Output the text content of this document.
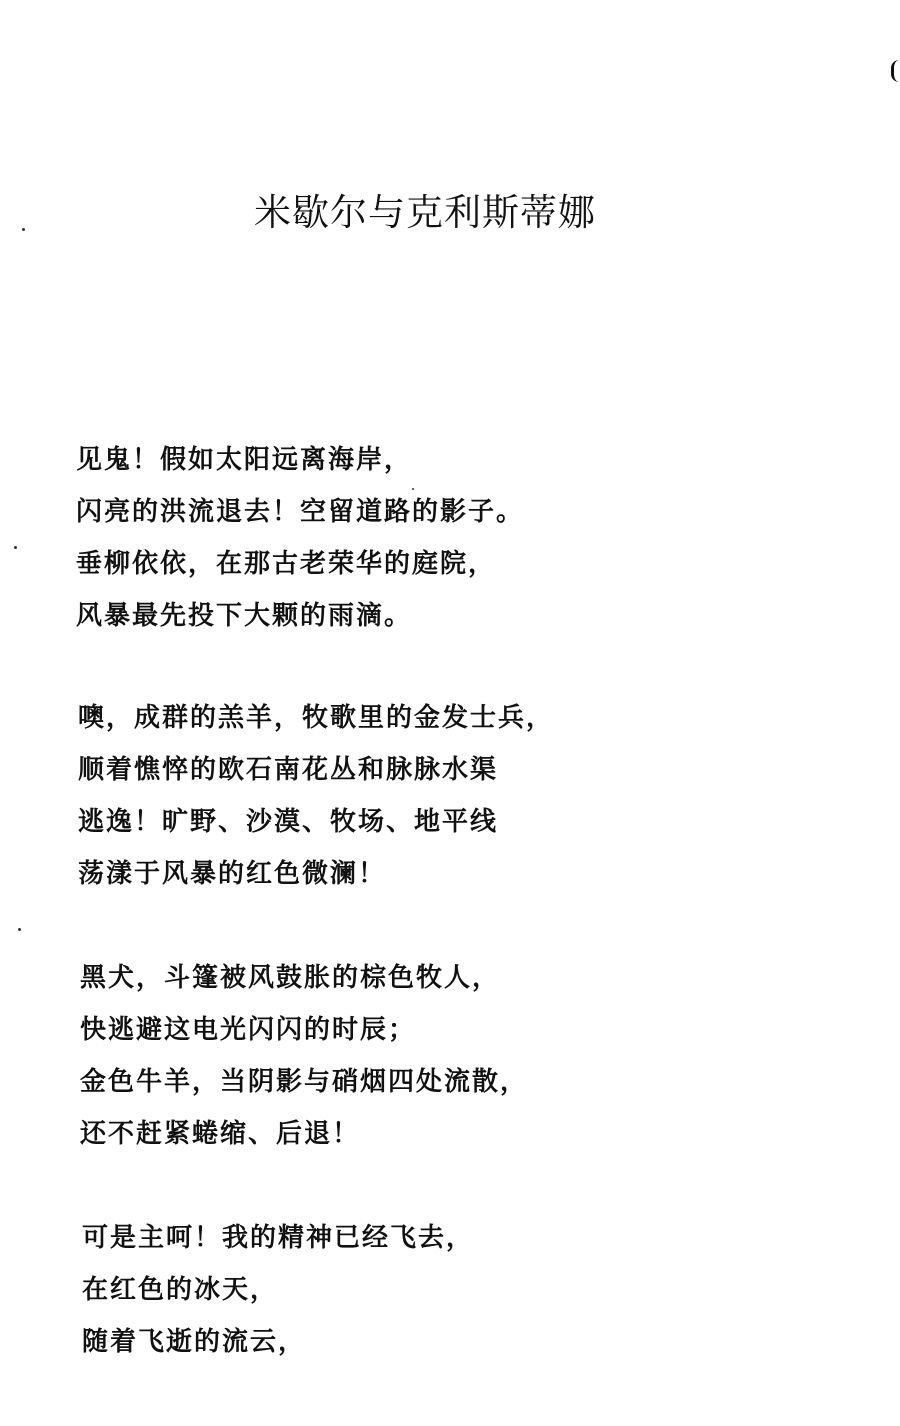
米歇尔与克利斯蒂娜
见鬼！假如太阳远离海岸，
闪亮的洪流退去！空留道路的影子。
垂柳依依，在那古老荣华的庭院，
风暴最先投下大颗的雨滴。
噢，成群的羔羊，牧歌里的金发士兵，
顺着憔悴的欧石南花丛和脉脉水渠
逃逸！旷野、沙漠、牧场、地平线
荡漾于风暴的红色微澜！
黑犬，斗篷被风鼓胀的棕色牧人，
快逃避这电光闪闪的时辰；
金色牛羊，当阴影与硝烟四处流散，
还不赶紧蜷缩、后退！
可是主呵！我的精神已经飞去，
在红色的冰天，
随着飞逝的流云，
